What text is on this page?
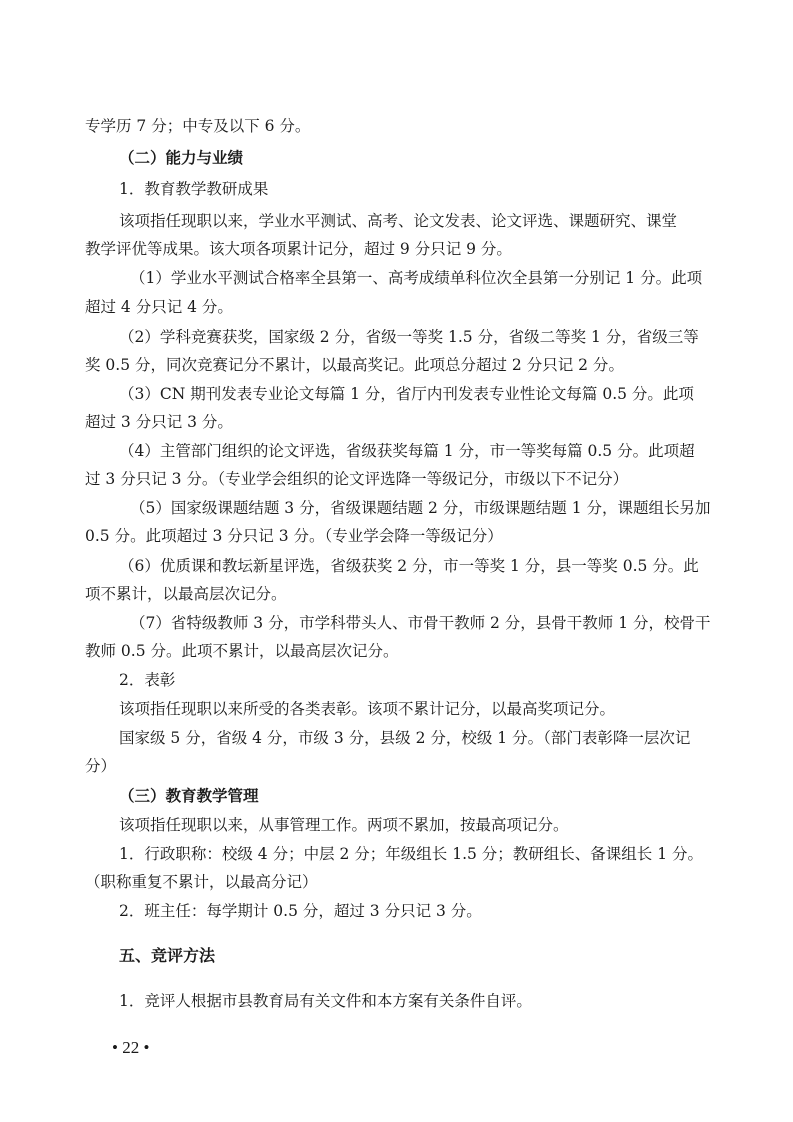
专学历 7 分；中专及以下 6 分。
（二）能力与业绩
1．教育教学教研成果
该项指任现职以来，学业水平测试、高考、论文发表、论文评选、课题研究、课堂
教学评优等成果。该大项各项累计记分，超过 9 分只记 9 分。
（1）学业水平测试合格率全县第一、高考成绩单科位次全县第一分别记 1 分。此项
超过 4 分只记 4 分。
（2）学科竞赛获奖，国家级 2 分，省级一等奖 1.5 分，省级二等奖 1 分，省级三等
奖 0.5 分，同次竞赛记分不累计，以最高奖记。此项总分超过 2 分只记 2 分。
（3）CN 期刊发表专业论文每篇 1 分，省厅内刊发表专业性论文每篇 0.5 分。此项
超过 3 分只记 3 分。
（4）主管部门组织的论文评选，省级获奖每篇 1 分，市一等奖每篇 0.5 分。此项超
过 3 分只记 3 分。（专业学会组织的论文评选降一等级记分，市级以下不记分）
（5）国家级课题结题 3 分，省级课题结题 2 分，市级课题结题 1 分，课题组长另加
0.5 分。此项超过 3 分只记 3 分。（专业学会降一等级记分）
（6）优质课和教坛新星评选，省级获奖 2 分，市一等奖 1 分，县一等奖 0.5 分。此
项不累计，以最高层次记分。
（7）省特级教师 3 分，市学科带头人、市骨干教师 2 分，县骨干教师 1 分，校骨干
教师 0.5 分。此项不累计，以最高层次记分。
2．表彰
该项指任现职以来所受的各类表彰。该项不累计记分，以最高奖项记分。
国家级 5 分，省级 4 分，市级 3 分，县级 2 分，校级 1 分。（部门表彰降一层次记
分）
（三）教育教学管理
该项指任现职以来，从事管理工作。两项不累加，按最高项记分。
1．行政职称：校级 4 分；中层 2 分；年级组长 1.5 分；教研组长、备课组长 1 分。
（职称重复不累计，以最高分记）
2．班主任：每学期计 0.5 分，超过 3 分只记 3 分。
五、竞评方法
1．竞评人根据市县教育局有关文件和本方案有关条件自评。
• 22 •
